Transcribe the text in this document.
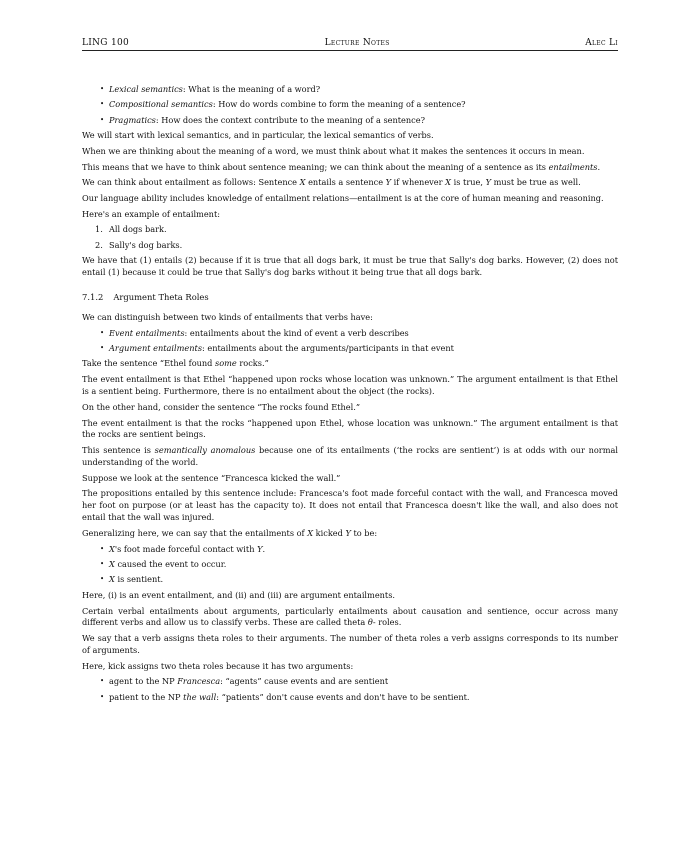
LING 100	Lecture Notes	Alec Li
• Lexical semantics: What is the meaning of a word?
• Compositional semantics: How do words combine to form the meaning of a sentence?
• Pragmatics: How does the context contribute to the meaning of a sentence?

We will start with lexical semantics, and in particular, the lexical semantics of verbs.

When we are thinking about the meaning of a word, we must think about what it makes the sentences it occurs in mean.

This means that we have to think about sentence meaning; we can think about the meaning of a sentence as its entailments.

We can think about entailment as follows: Sentence X entails a sentence Y if whenever X is true, Y must be true as well.

Our language ability includes knowledge of entailment relations—entailment is at the core of human meaning and reasoning.

Here's an example of entailment:

1. All dogs bark.
2. Sally's dog barks.

We have that (1) entails (2) because if it is true that all dogs bark, it must be true that Sally's dog barks. However, (2) does not entail (1) because it could be true that Sally's dog barks without it being true that all dogs bark.

7.1.2 Argument Theta Roles

We can distinguish between two kinds of entailments that verbs have:

• Event entailments: entailments about the kind of event a verb describes
• Argument entailments: entailments about the arguments/participants in that event

Take the sentence “Ethel found some rocks.”

The event entailment is that Ethel “happened upon rocks whose location was unknown.” The argument entailment is that Ethel is a sentient being. Furthermore, there is no entailment about the object (the rocks).

On the other hand, consider the sentence “The rocks found Ethel.”

The event entailment is that the rocks “happened upon Ethel, whose location was unknown.” The argument entailment is that the rocks are sentient beings.

This sentence is semantically anomalous because one of its entailments (‘the rocks are sentient’) is at odds with our normal understanding of the world.

Suppose we look at the sentence “Francesca kicked the wall.”

The propositions entailed by this sentence include: Francesca's foot made forceful contact with the wall, and Francesca moved her foot on purpose (or at least has the capacity to). It does not entail that Francesca doesn't like the wall, and also does not entail that the wall was injured.

Generalizing here, we can say that the entailments of X kicked Y to be:

• X's foot made forceful contact with Y.
• X caused the event to occur.
• X is sentient.

Here, (i) is an event entailment, and (ii) and (iii) are argument entailments.

Certain verbal entailments about arguments, particularly entailments about causation and sentience, occur across many different verbs and allow us to classify verbs. These are called theta θ- roles.

We say that a verb assigns theta roles to their arguments. The number of theta roles a verb assigns corresponds to its number of arguments.

Here, kick assigns two theta roles because it has two arguments:

• agent to the NP Francesca: “agents” cause events and are sentient
• patient to the NP the wall: “patients” don't cause events and don't have to be sentient.
